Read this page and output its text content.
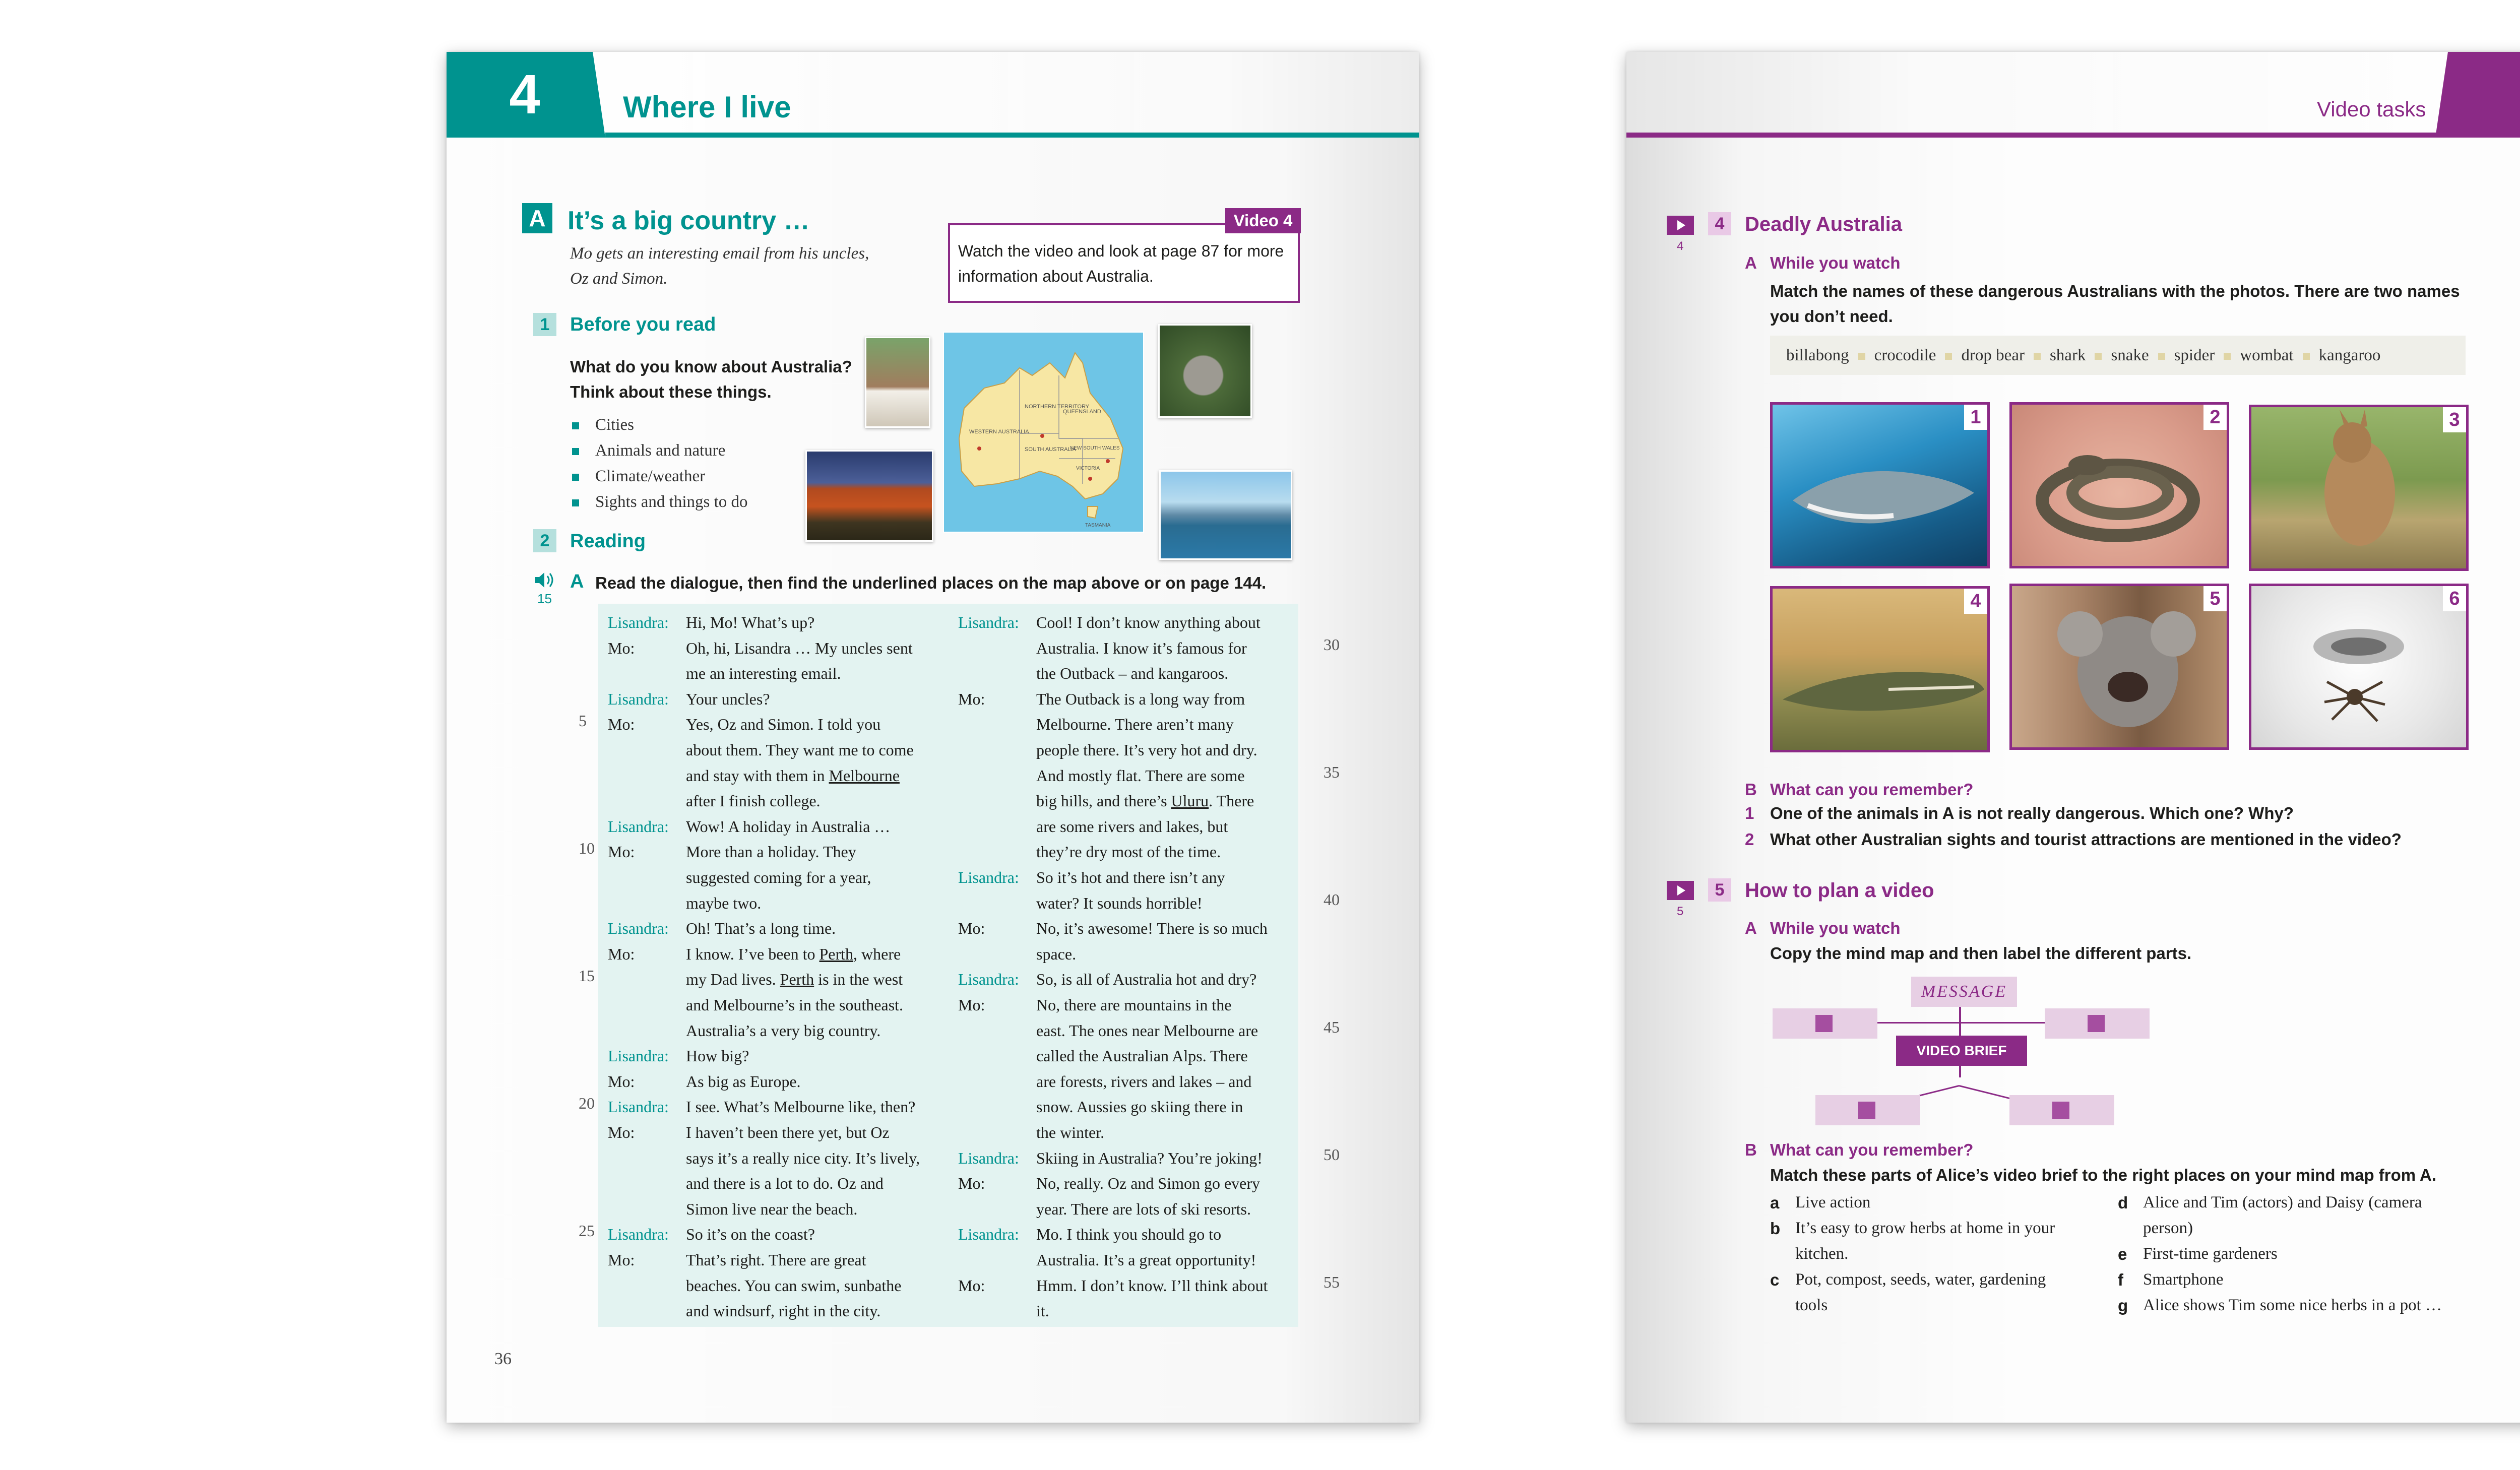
4	Where I live
A It’s a big country …
Mo gets an interesting email from his uncles,
Oz and Simon.
Video 4
Watch the video and look at page 87 for more information about Australia.
1	Before you read
What do you know about Australia?
Think about these things.
Cities
Animals and nature
Climate/weather
Sights and things to do
NORTHERN TERRITORY
QUEENSLAND
WESTERN AUSTRALIA
SOUTH AUSTRALIA
NEW SOUTH WALES
VICTORIA
TASMANIA
2	Reading
15
A Read the dialogue, then find the underlined places on the map above or on page 144.
Lisandra: Hi, Mo! What’s up?
Mo:	Oh, hi, Lisandra … My uncles sent
me an interesting email.
Lisandra: Your uncles?
Mo:	Yes, Oz and Simon. I told you
about them. They want me to come
and stay with them in Melbourne
after I finish college.
Lisandra: Wow! A holiday in Australia …
Mo:	More than a holiday. They
suggested coming for a year,
maybe two.
Lisandra: Oh! That’s a long time.
Mo:	I know. I’ve been to Perth, where
my Dad lives. Perth is in the west
and Melbourne’s in the southeast.
Australia’s a very big country.
Lisandra: How big?
Mo:	As big as Europe.
Lisandra: I see. What’s Melbourne like, then?
Mo:	I haven’t been there yet, but Oz
says it’s a really nice city. It’s lively,
and there is a lot to do. Oz and
Simon live near the beach.
Lisandra: So it’s on the coast?
Mo:	That’s right. There are great
beaches. You can swim, sunbathe
and windsurf, right in the city.
Lisandra: Cool! I don’t know anything about
Australia. I know it’s famous for
the Outback – and kangaroos.
Mo:	The Outback is a long way from
Melbourne. There aren’t many
people there. It’s very hot and dry.
And mostly flat. There are some
big hills, and there’s Uluru. There
are some rivers and lakes, but
they’re dry most of the time.
Lisandra: So it’s hot and there isn’t any
water? It sounds horrible!
Mo:	No, it’s awesome! There is so much
space.
Lisandra: So, is all of Australia hot and dry?
Mo:	No, there are mountains in the
east. The ones near Melbourne are
called the Australian Alps. There
are forests, rivers and lakes – and
snow. Aussies go skiing there in
the winter.
Lisandra: Skiing in Australia? You’re joking!
Mo:	No, really. Oz and Simon go every
year. There are lots of ski resorts.
Lisandra: Mo. I think you should go to
Australia. It’s a great opportunity!
Mo:	Hmm. I don’t know. I’ll think about
it.
5
10
15
20
25
30
35
40
45
50
55
36
Video tasks
4
4	Deadly Australia
A While you watch
Match the names of these dangerous Australians with the photos. There are two names
you don’t need.
billabong crocodile drop bear shark snake spider wombat kangaroo
1	2	3
4	5	6
B What can you remember?
1 One of the animals in A is not really dangerous. Which one? Why?
2 What other Australian sights and tourist attractions are mentioned in the video?
5
5	How to plan a video
A While you watch
Copy the mind map and then label the different parts.
MESSAGE
VIDEO BRIEF
B What can you remember?
Match these parts of Alice’s video brief to the right places on your mind map from A.
a Live action
b It’s easy to grow herbs at home in your
kitchen.
c Pot, compost, seeds, water, gardening
tools
d Alice and Tim (actors) and Daisy (camera
person)
e First-time gardeners
f Smartphone
g Alice shows Tim some nice herbs in a pot …
